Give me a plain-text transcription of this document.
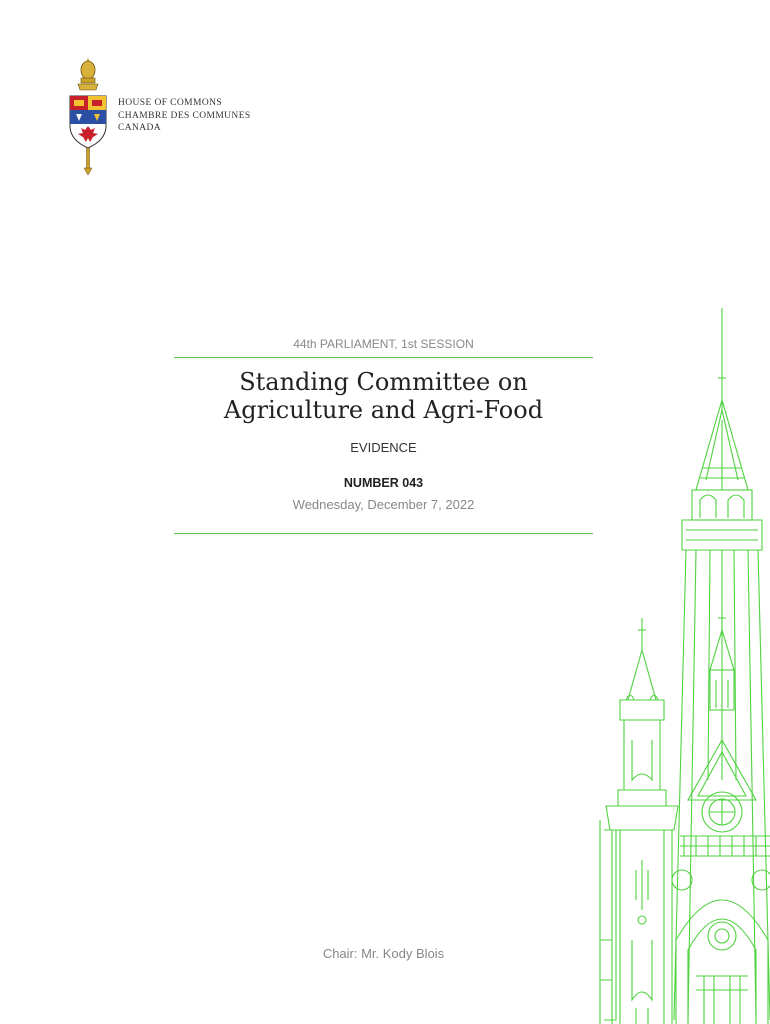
HOUSE OF COMMONS
CHAMBRE DES COMMUNES
CANADA
44th PARLIAMENT, 1st SESSION
Standing Committee on
Agriculture and Agri-Food
EVIDENCE
NUMBER 043
Wednesday, December 7, 2022
Chair: Mr. Kody Blois
